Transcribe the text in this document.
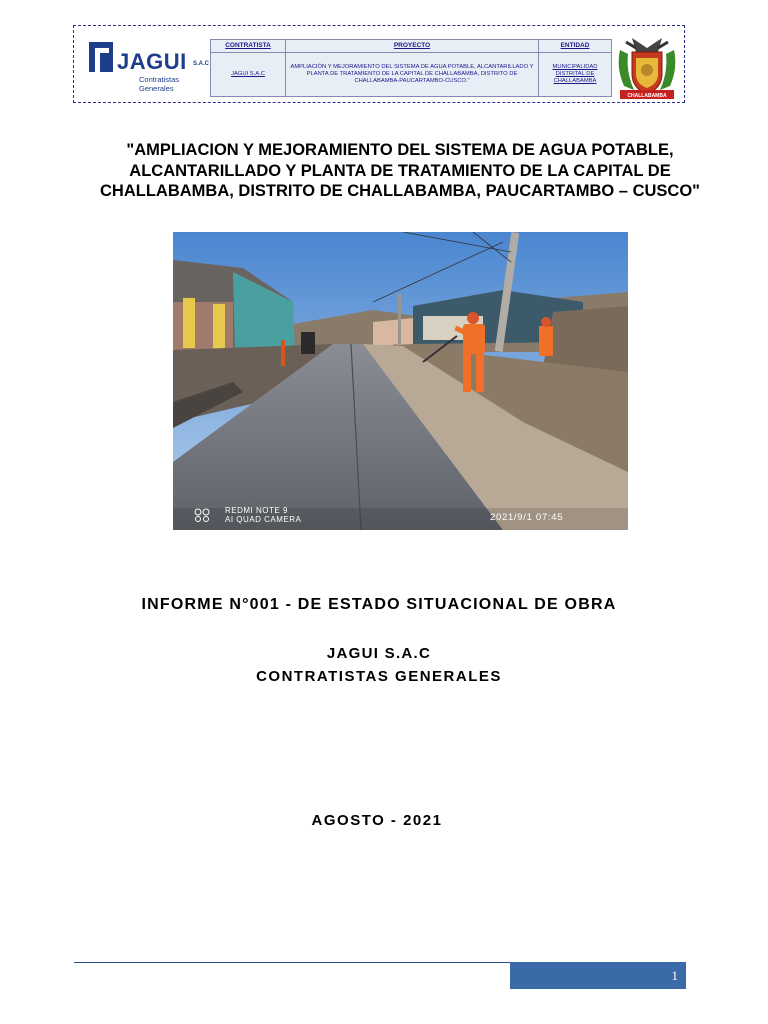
JAGUI S.A.C
Contratistas Generales
CONTRATISTA
JAGUI S.A.C
PROYECTO
AMPLIACIÓN Y MEJORAMIENTO DEL SISTEMA DE AGUA POTABLE, ALCANTARILLADO Y PLANTA DE TRATAMIENTO DE LA CAPITAL DE CHALLABAMBA, DISTRITO DE CHALLABAMBA-PAUCARTAMBO-CUSCO."
ENTIDAD
MUNICIPALIDAD DISTRITAL DE CHALLABAMBA
CHALLABAMBA
"AMPLIACION Y MEJORAMIENTO DEL SISTEMA DE AGUA POTABLE, ALCANTARILLADO Y PLANTA DE TRATAMIENTO DE LA CAPITAL DE CHALLABAMBA, DISTRITO DE CHALLABAMBA, PAUCARTAMBO – CUSCO"
REDMI NOTE 9
AI QUAD CAMERA	2021/9/1 07:45
INFORME N°001 - DE ESTADO SITUACIONAL DE OBRA
JAGUI S.A.C
CONTRATISTAS GENERALES
AGOSTO - 2021
1
